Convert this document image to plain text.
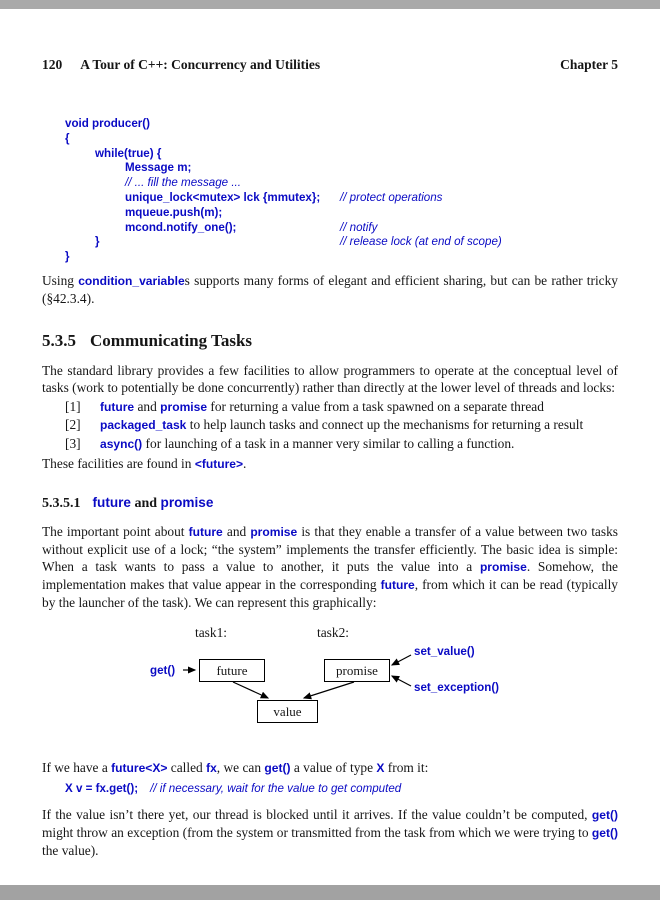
120 A Tour of C++: Concurrency and Utilities	Chapter 5
void producer()
{
while(true) {
Message m;
// ... fill the message ...
unique_lock<mutex> lck {mmutex}; // protect operations
mqueue.push(m);
mcond.notify_one();	// notify
}	// release lock (at end of scope)
}

Using condition_variables supports many forms of elegant and efficient sharing, but can be rather tricky (§42.3.4).

5.3.5 Communicating Tasks

The standard library provides a few facilities to allow programmers to operate at the conceptual level of tasks (work to potentially be done concurrently) rather than directly at the lower level of threads and locks:

[1]	future and promise for returning a value from a task spawned on a separate thread
[2]	packaged_task to help launch tasks and connect up the mechanisms for returning a result
[3]	async() for launching of a task in a manner very similar to calling a function.

These facilities are found in <future>.

5.3.5.1 future and promise

The important point about future and promise is that they enable a transfer of a value between two tasks without explicit use of a lock; “the system” implements the transfer efficiently. The basic idea is simple: When a task wants to pass a value to another, it puts the value into a promise. Somehow, the implementation makes that value appear in the corresponding future, from which it can be read (typically by the launcher of the task). We can represent this graphically:

task1:	task2:
get()	future	promise
set_value()
set_exception()
value

If we have a future<X> called fx, we can get() a value of type X from it:

X v = fx.get(); // if necessary, wait for the value to get computed

If the value isn’t there yet, our thread is blocked until it arrives. If the value couldn’t be computed, get() might throw an exception (from the system or transmitted from the task from which we were trying to get() the value).
